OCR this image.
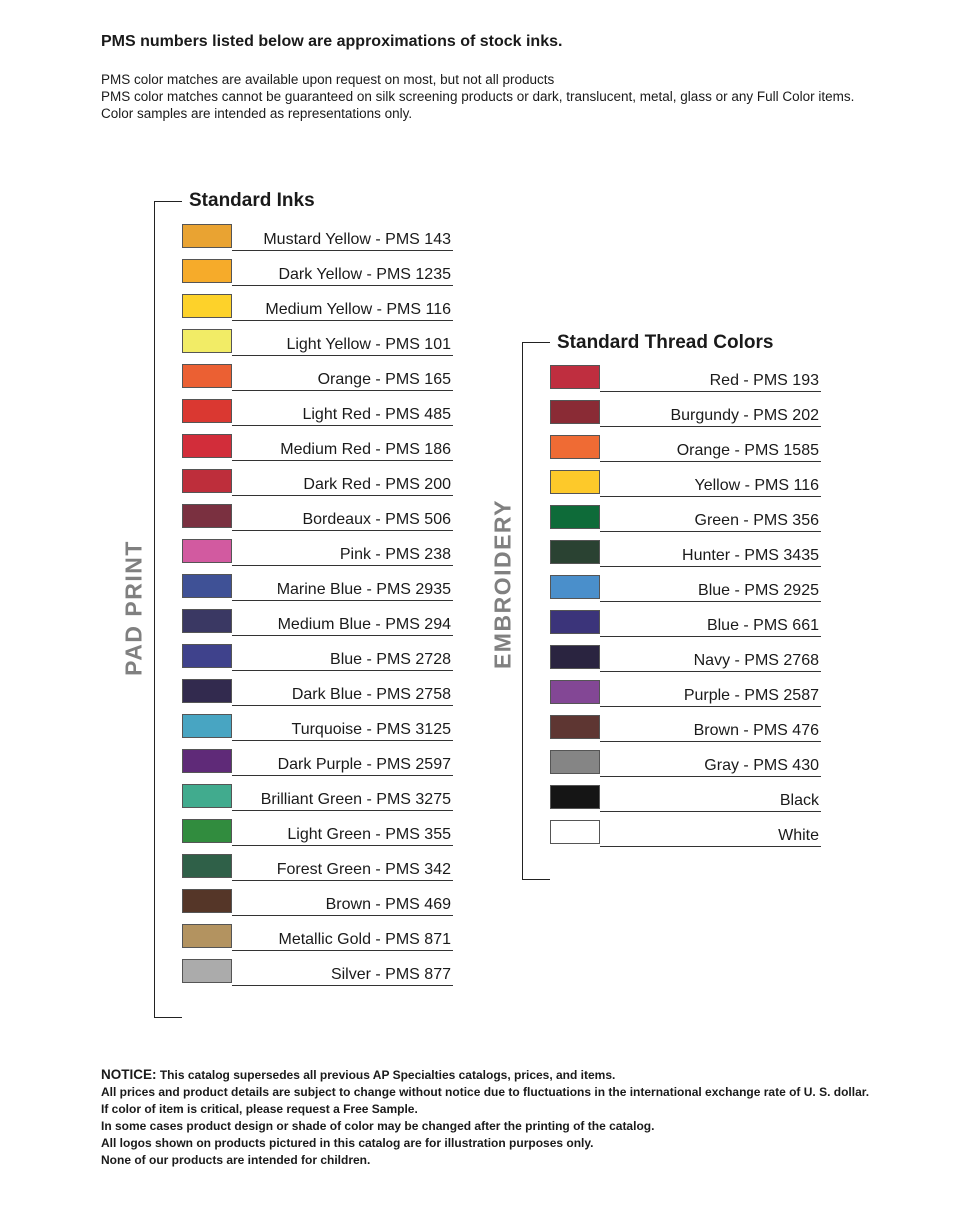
PMS numbers listed below are approximations of stock inks.
PMS color matches are available upon request on most, but not all products
PMS color matches cannot be guaranteed on silk screening products or dark, translucent, metal, glass or any Full Color items.
Color samples are intended as representations only.
PAD PRINT
Standard Inks
Mustard Yellow - PMS 143
Dark Yellow - PMS 1235
Medium Yellow - PMS 116
Light Yellow - PMS 101
Orange - PMS 165
Light Red - PMS 485
Medium Red - PMS 186
Dark Red - PMS 200
Bordeaux - PMS 506
Pink - PMS 238
Marine Blue - PMS 2935
Medium Blue - PMS 294
Blue - PMS 2728
Dark Blue - PMS 2758
Turquoise - PMS 3125
Dark Purple - PMS 2597
Brilliant Green - PMS 3275
Light Green - PMS 355
Forest Green - PMS 342
Brown - PMS 469
Metallic Gold - PMS 871
Silver - PMS 877
EMBROIDERY
Standard Thread Colors
Red - PMS 193
Burgundy - PMS 202
Orange - PMS 1585
Yellow - PMS 116
Green - PMS 356
Hunter - PMS 3435
Blue - PMS 2925
Blue - PMS 661
Navy - PMS 2768
Purple - PMS 2587
Brown - PMS 476
Gray - PMS 430
Black
White
NOTICE: This catalog supersedes all previous AP Specialties catalogs, prices, and items.
All prices and product details are subject to change without notice due to fluctuations in the international exchange rate of U. S. dollar.
If color of item is critical, please request a Free Sample.
In some cases product design or shade of color may be changed after the printing of the catalog.
All logos shown on products pictured in this catalog are for illustration purposes only.
None of our products are intended for children.
